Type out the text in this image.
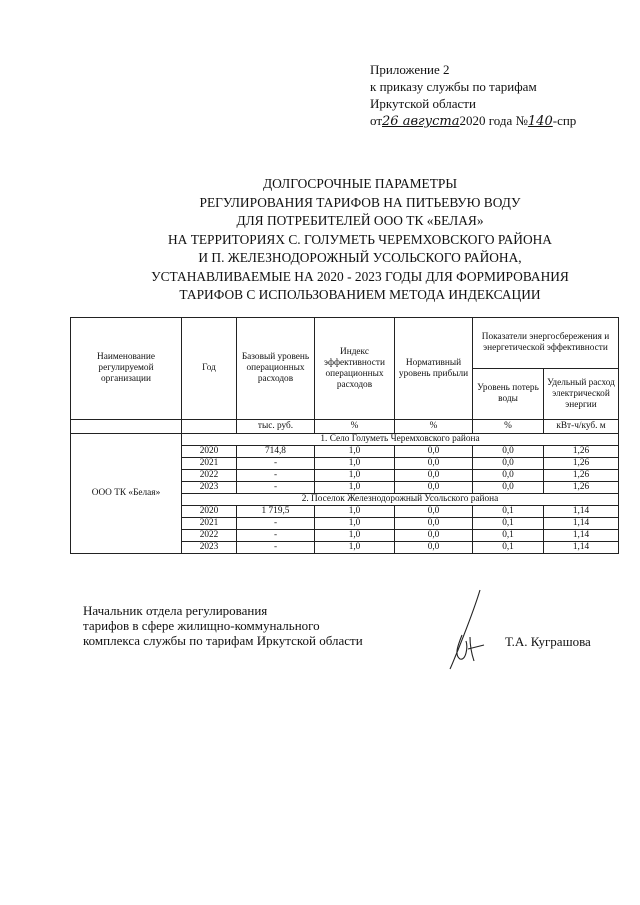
Приложение 2
к приказу службы по тарифам
Иркутской области
от26 августа2020 года №140-спр
ДОЛГОСРОЧНЫЕ ПАРАМЕТРЫ
РЕГУЛИРОВАНИЯ ТАРИФОВ НА ПИТЬЕВУЮ ВОДУ
ДЛЯ ПОТРЕБИТЕЛЕЙ ООО ТК «БЕЛАЯ»
НА ТЕРРИТОРИЯХ С. ГОЛУМЕТЬ ЧЕРЕМХОВСКОГО РАЙОНА
И П. ЖЕЛЕЗНОДОРОЖНЫЙ УСОЛЬСКОГО РАЙОНА,
УСТАНАВЛИВАЕМЫЕ НА 2020 - 2023 ГОДЫ ДЛЯ ФОРМИРОВАНИЯ
ТАРИФОВ С ИСПОЛЬЗОВАНИЕМ МЕТОДА ИНДЕКСАЦИИ
Наименование регулируемой организации	Год	Базовый уровень операционных расходов	Индекс эффективности операционных расходов	Нормативный уровень прибыли	Показатели энергосбережения и энергетической эффективности	
					Уровень потерь воды	Удельный расход электрической энергии
		тыс. руб.	%	%	%	кВт-ч/куб. м
ООО ТК «Белая»	1. Село Голуметь Черемховского района					
	2020	714,8	1,0	0,0	0,0	1,26
	2021	-	1,0	0,0	0,0	1,26
	2022	-	1,0	0,0	0,0	1,26
	2023	-	1,0	0,0	0,0	1,26
	2. Поселок Железнодорожный Усольского района					
	2020	1 719,5	1,0	0,0	0,1	1,14
	2021	-	1,0	0,0	0,1	1,14
	2022	-	1,0	0,0	0,1	1,14
	2023	-	1,0	0,0	0,1	1,14
Начальник отдела регулирования
тарифов в сфере жилищно-коммунального
комплекса службы по тарифам Иркутской области	Т.А. Куграшова
